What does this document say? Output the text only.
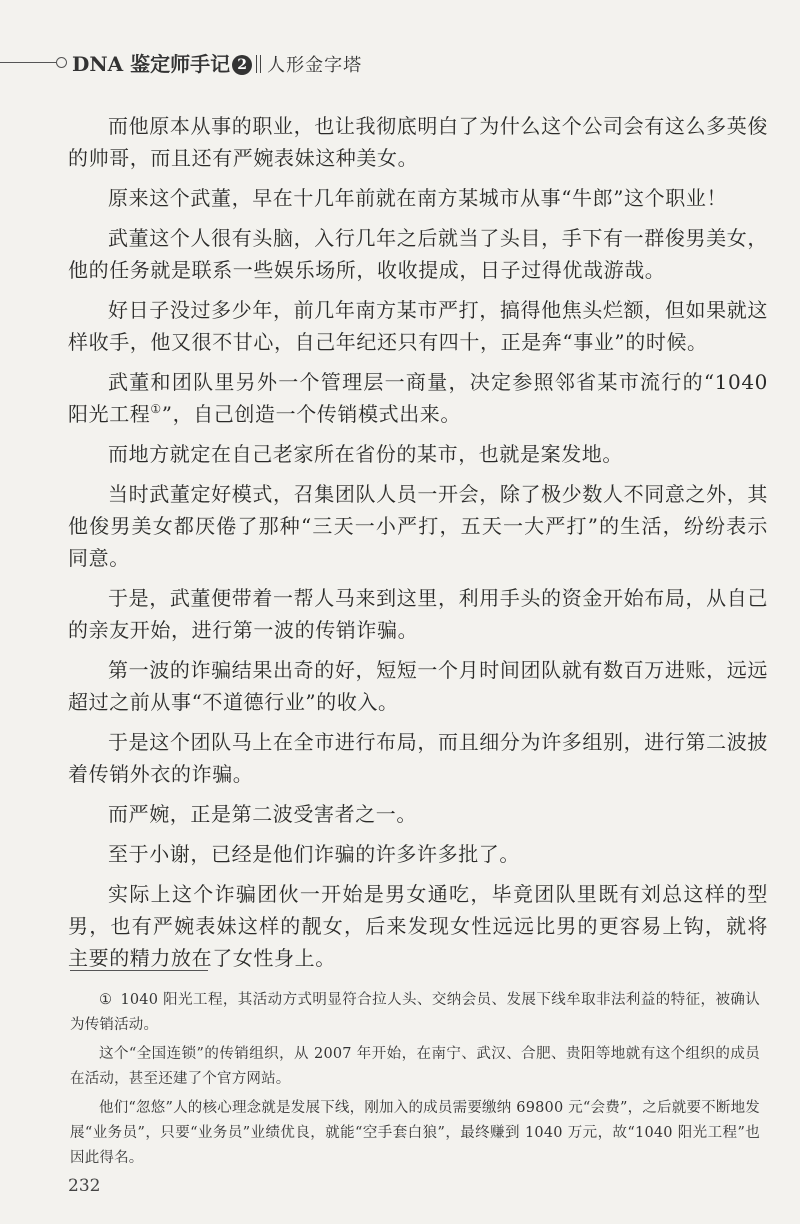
DNA 鉴定师手记 2 人形金字塔

而他原本从事的职业，也让我彻底明白了为什么这个公司会有这么多英俊的帅哥，而且还有严婉表妹这种美女。

原来这个武董，早在十几年前就在南方某城市从事“牛郎”这个职业！

武董这个人很有头脑，入行几年之后就当了头目，手下有一群俊男美女，他的任务就是联系一些娱乐场所，收收提成，日子过得优哉游哉。

好日子没过多少年，前几年南方某市严打，搞得他焦头烂额，但如果就这样收手，他又很不甘心，自己年纪还只有四十，正是奔“事业”的时候。

武董和团队里另外一个管理层一商量，决定参照邻省某市流行的“1040阳光工程①”，自己创造一个传销模式出来。

而地方就定在自己老家所在省份的某市，也就是案发地。

当时武董定好模式，召集团队人员一开会，除了极少数人不同意之外，其他俊男美女都厌倦了那种“三天一小严打，五天一大严打”的生活，纷纷表示同意。

于是，武董便带着一帮人马来到这里，利用手头的资金开始布局，从自己的亲友开始，进行第一波的传销诈骗。

第一波的诈骗结果出奇的好，短短一个月时间团队就有数百万进账，远远超过之前从事“不道德行业”的收入。

于是这个团队马上在全市进行布局，而且细分为许多组别，进行第二波披着传销外衣的诈骗。

而严婉，正是第二波受害者之一。

至于小谢，已经是他们诈骗的许多许多批了。

实际上这个诈骗团伙一开始是男女通吃，毕竟团队里既有刘总这样的型男，也有严婉表妹这样的靓女，后来发现女性远远比男的更容易上钩，就将主要的精力放在了女性身上。

① 1040 阳光工程，其活动方式明显符合拉人头、交纳会员、发展下线牟取非法利益的特征，被确认为传销活动。

这个“全国连锁”的传销组织，从 2007 年开始，在南宁、武汉、合肥、贵阳等地就有这个组织的成员在活动，甚至还建了个官方网站。

他们“忽悠”人的核心理念就是发展下线，刚加入的成员需要缴纳 69800 元“会费”，之后就要不断地发展“业务员”，只要“业务员”业绩优良，就能“空手套白狼”，最终赚到 1040 万元，故“1040 阳光工程”也因此得名。

232
